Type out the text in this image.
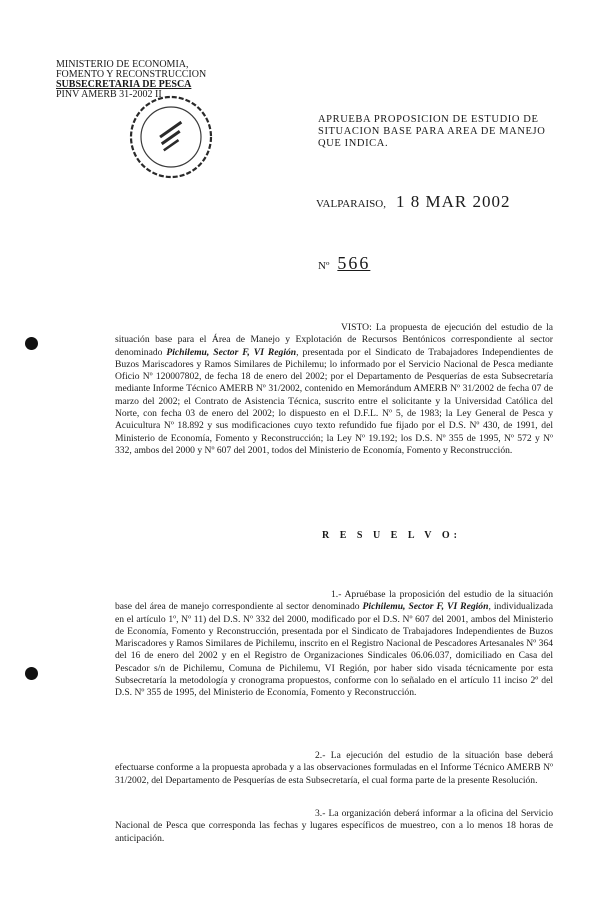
MINISTERIO DE ECONOMIA,
FOMENTO Y RECONSTRUCCION
SUBSECRETARIA DE PESCA
PINV AMERB 31-2002 II
APRUEBA PROPOSICION DE ESTUDIO DE SITUACION BASE PARA AREA DE MANEJO QUE INDICA.
VALPARAISO, 1 8 MAR 2002
Nº 566
VISTO: La propuesta de ejecución del estudio de la situación base para el Área de Manejo y Explotación de Recursos Bentónicos correspondiente al sector denominado Pichilemu, Sector F, VI Región, presentada por el Sindicato de Trabajadores Independientes de Buzos Mariscadores y Ramos Similares de Pichilemu; lo informado por el Servicio Nacional de Pesca mediante Oficio Nº 120007802, de fecha 18 de enero del 2002; por el Departamento de Pesquerías de esta Subsecretaría mediante Informe Técnico AMERB Nº 31/2002, contenido en Memorándum AMERB Nº 31/2002 de fecha 07 de marzo del 2002; el Contrato de Asistencia Técnica, suscrito entre el solicitante y la Universidad Católica del Norte, con fecha 03 de enero del 2002; lo dispuesto en el D.F.L. Nº 5, de 1983; la Ley General de Pesca y Acuicultura Nº 18.892 y sus modificaciones cuyo texto refundido fue fijado por el D.S. Nº 430, de 1991, del Ministerio de Economía, Fomento y Reconstrucción; la Ley Nº 19.192; los D.S. Nº 355 de 1995, Nº 572 y Nº 332, ambos del 2000 y Nº 607 del 2001, todos del Ministerio de Economía, Fomento y Reconstrucción.
R E S U E L V O:
1.- Apruébase la proposición del estudio de la situación base del área de manejo correspondiente al sector denominado Pichilemu, Sector F, VI Región, individualizada en el artículo 1º, Nº 11) del D.S. Nº 332 del 2000, modificado por el D.S. Nº 607 del 2001, ambos del Ministerio de Economía, Fomento y Reconstrucción, presentada por el Sindicato de Trabajadores Independientes de Buzos Mariscadores y Ramos Similares de Pichilemu, inscrito en el Registro Nacional de Pescadores Artesanales Nº 364 del 16 de enero del 2002 y en el Registro de Organizaciones Sindicales 06.06.037, domiciliado en Casa del Pescador s/n de Pichilemu, Comuna de Pichilemu, VI Región, por haber sido visada técnicamente por esta Subsecretaría la metodología y cronograma propuestos, conforme con lo señalado en el artículo 11 inciso 2º del D.S. Nº 355 de 1995, del Ministerio de Economía, Fomento y Reconstrucción.
2.- La ejecución del estudio de la situación base deberá efectuarse conforme a la propuesta aprobada y a las observaciones formuladas en el Informe Técnico AMERB Nº 31/2002, del Departamento de Pesquerías de esta Subsecretaría, el cual forma parte de la presente Resolución.
3.- La organización deberá informar a la oficina del Servicio Nacional de Pesca que corresponda las fechas y lugares específicos de muestreo, con a lo menos 18 horas de anticipación.
